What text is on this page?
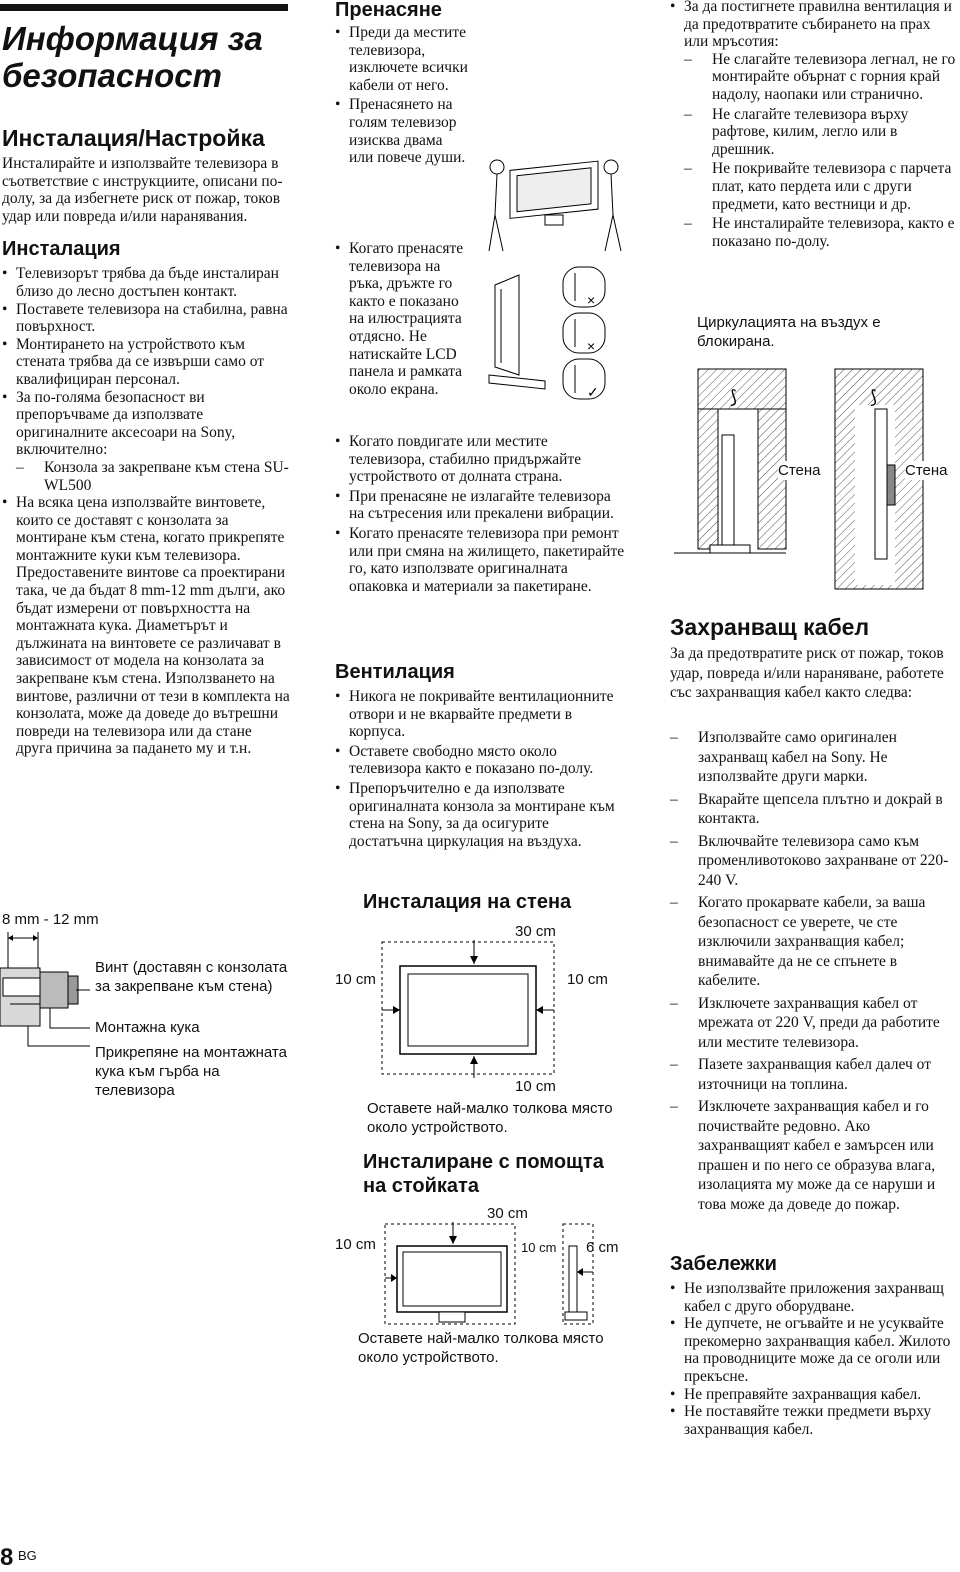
Информация за безопасност
Инсталация/Настройка

Инсталирайте и използвайте телевизора в съответствие с инструкциите, описани по-долу, за да избегнете риск от пожар, токов удар или повреда и/или наранявания.

Инсталация
• Телевизорът трябва да бъде инсталиран близо до лесно достъпен контакт.
• Поставете телевизора на стабилна, равна повърхност.
• Монтирането на устройството към стената трябва да се извърши само от квалифициран персонал.
• За по-голяма безопасност ви препоръчваме да използвате оригиналните аксесоари на Sony, включително:
– Конзола за закрепване към стена SU-WL500
• На всяка цена използвайте винтовете, които се доставят с конзолата за монтиране към стена, когато прикрепяте монтажните куки към телевизора. Предоставените винтове са проектирани така, че да бъдат 8 mm-12 mm дълги, ако бъдат измерени от повърхността на монтажната кука. Диаметърът и дължината на винтовете се различават в зависимост от модела на конзолата за закрепване към стена. Използването на винтове, различни от тези в комплекта на конзолата, може да доведе до вътрешни повреди на телевизора или да стане друга причина за падането му и т.н.
8 mm - 12 mm
Винт (доставян с конзолата за закрепване към стена)
Монтажна кука
Прикрепяне на монтажната кука към гърба на телевизора
Пренасяне
• Преди да местите телевизора, изключете всички кабели от него.
• Пренасянето на голям телевизор изисква двама или повече души.
• Когато пренасяте телевизора на ръка, дръжте го както е показано на илюстрацията отдясно. Не натискайте LCD панела и рамката около екрана.
×
×
✓
• Когато повдигате или местите телевизора, стабилно придържайте устройството от долната страна.
• При пренасяне не излагайте телевизора на сътресения или прекалени вибрации.
• Когато пренасяте телевизора при ремонт или при смяна на жилището, пакетирайте го, като използвате оригиналната опаковка и материали за пакетиране.
Вентилация
• Никога не покривайте вентилационните отвори и не вкарвайте предмети в корпуса.
• Оставете свободно място около телевизора както е показано по-долу.
• Препоръчително е да използвате оригиналната конзола за монтиране към стена на Sony, за да осигурите достатъчна циркулация на въздуха.
Инсталация на стена
30 cm
10 cm	10 cm
10 cm
Оставете най-малко толкова място около устройството.
Инсталиране с помощта на стойката
30 cm
10 cm	10 cm 6 cm
Оставете най-малко толкова място около устройството.
• За да постигнете правилна вентилация и да предотвратите събирането на прах или мръсотия:
– Не слагайте телевизора легнал, не го монтирайте обърнат с горния край надолу, наопаки или странично.
– Не слагайте телевизора върху рафтове, килим, легло или в дрешник.
– Не покривайте телевизора с парчета плат, като пердета или с други предмети, като вестници и др.
– Не инсталирайте телевизора, както е показано по-долу.
Циркулацията на въздух е блокирана.
⟆	⟆
Стена	Стена
Захранващ кабел

За да предотвратите риск от пожар, токов удар, повреда и/или нараняване, работете със захранващия кабел както следва:

– Използвайте само оригинален захранващ кабел на Sony. Не използвайте други марки.
– Вкарайте щепсела плътно и докрай в контакта.
– Включвайте телевизора само към променливотоково захранване от 220-240 V.
– Когато прокарвате кабели, за ваша безопасност се уверете, че сте изключили захранващия кабел; внимавайте да не се спънете в кабелите.
– Изключете захранващия кабел от мрежата от 220 V, преди да работите или местите телевизора.
– Пазете захранващия кабел далеч от източници на топлина.
– Изключете захранващия кабел и го почиствайте редовно. Ако захранващият кабел е замърсен или прашен и по него се образува влага, изолацията му може да се наруши и това може да доведе до пожар.
Забележки
• Не използвайте приложения захранващ кабел с друго оборудване.
• Не дупчете, не огъвайте и не усуквайте прекомерно захранващия кабел. Жилото на проводниците може да се оголи или прекъсне.
• Не преправяйте захранващия кабел.
• Не поставяйте тежки предмети върху захранващия кабел.
8 BG
